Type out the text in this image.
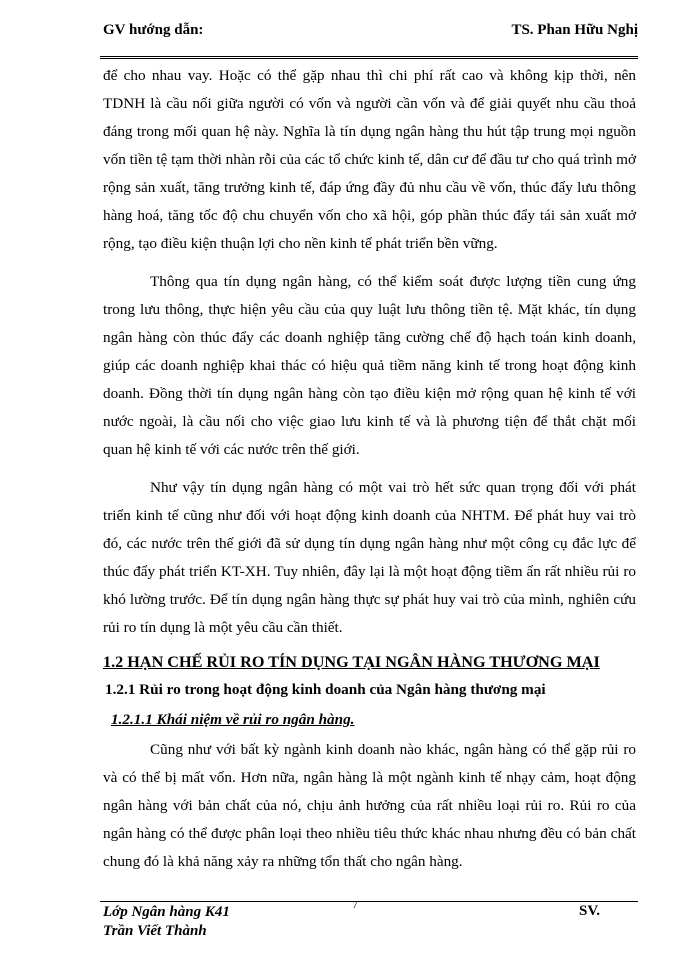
GV hướng dẫn:	TS. Phan Hữu Nghị

để cho nhau vay. Hoặc có thể gặp nhau thì chi phí rất cao và không kịp thời, nên TDNH là cầu nối giữa người có vốn và người cần vốn và để giải quyết nhu cầu thoả đáng trong mối quan hệ này. Nghĩa là tín dụng ngân hàng thu hút tập trung mọi nguồn vốn tiền tệ tạm thời nhàn rỗi của các tổ chức kinh tế, dân cư để đầu tư cho quá trình mở rộng sản xuất, tăng trưởng kinh tế, đáp ứng đầy đủ nhu cầu về vốn, thúc đẩy lưu thông hàng hoá, tăng tốc độ chu chuyển vốn cho xã hội, góp phần thúc đẩy tái sản xuất mở rộng, tạo điều kiện thuận lợi cho nền kinh tế phát triển bền vững.

Thông qua tín dụng ngân hàng, có thể kiểm soát được lượng tiền cung ứng trong lưu thông, thực hiện yêu cầu của quy luật lưu thông tiền tệ. Mặt khác, tín dụng ngân hàng còn thúc đẩy các doanh nghiệp tăng cường chế độ hạch toán kinh doanh, giúp các doanh nghiệp khai thác có hiệu quả tiềm năng kinh tế trong hoạt động kinh doanh. Đồng thời tín dụng ngân hàng còn tạo điều kiện mở rộng quan hệ kinh tế với nước ngoài, là cầu nối cho việc giao lưu kinh tế và là phương tiện để thắt chặt mối quan hệ kinh tế với các nước trên thế giới.

Như vậy tín dụng ngân hàng có một vai trò hết sức quan trọng đối với phát triển kinh tế cũng như đối với hoạt động kinh doanh của NHTM. Để phát huy vai trò đó, các nước trên thế giới đã sử dụng tín dụng ngân hàng như một công cụ đắc lực để thúc đẩy phát triển KT-XH. Tuy nhiên, đây lại là một hoạt động tiềm ẩn rất nhiều rủi ro khó lường trước. Để tín dụng ngân hàng thực sự phát huy vai trò của mình, nghiên cứu rủi ro tín dụng là một yêu cầu cần thiết.

1.2 HẠN CHẾ RỦI RO TÍN DỤNG TẠI NGÂN HÀNG THƯƠNG MẠI

1.2.1 Rủi ro trong hoạt động kinh doanh của Ngân hàng thương mại

1.2.1.1 Khái niệm về rủi ro ngân hàng.

Cũng như với bất kỳ ngành kinh doanh nào khác, ngân hàng có thể gặp rủi ro và có thể bị mất vốn. Hơn nữa, ngân hàng là một ngành kinh tế nhạy cảm, hoạt động ngân hàng với bản chất của nó, chịu ảnh hưởng của rất nhiều loại rủi ro. Rủi ro của ngân hàng có thể được phân loại theo nhiều tiêu thức khác nhau nhưng đều có bản chất chung đó là khả năng xảy ra những tổn thất cho ngân hàng.

Lớp Ngân hàng K41
Trần Viết Thành
7	SV.
